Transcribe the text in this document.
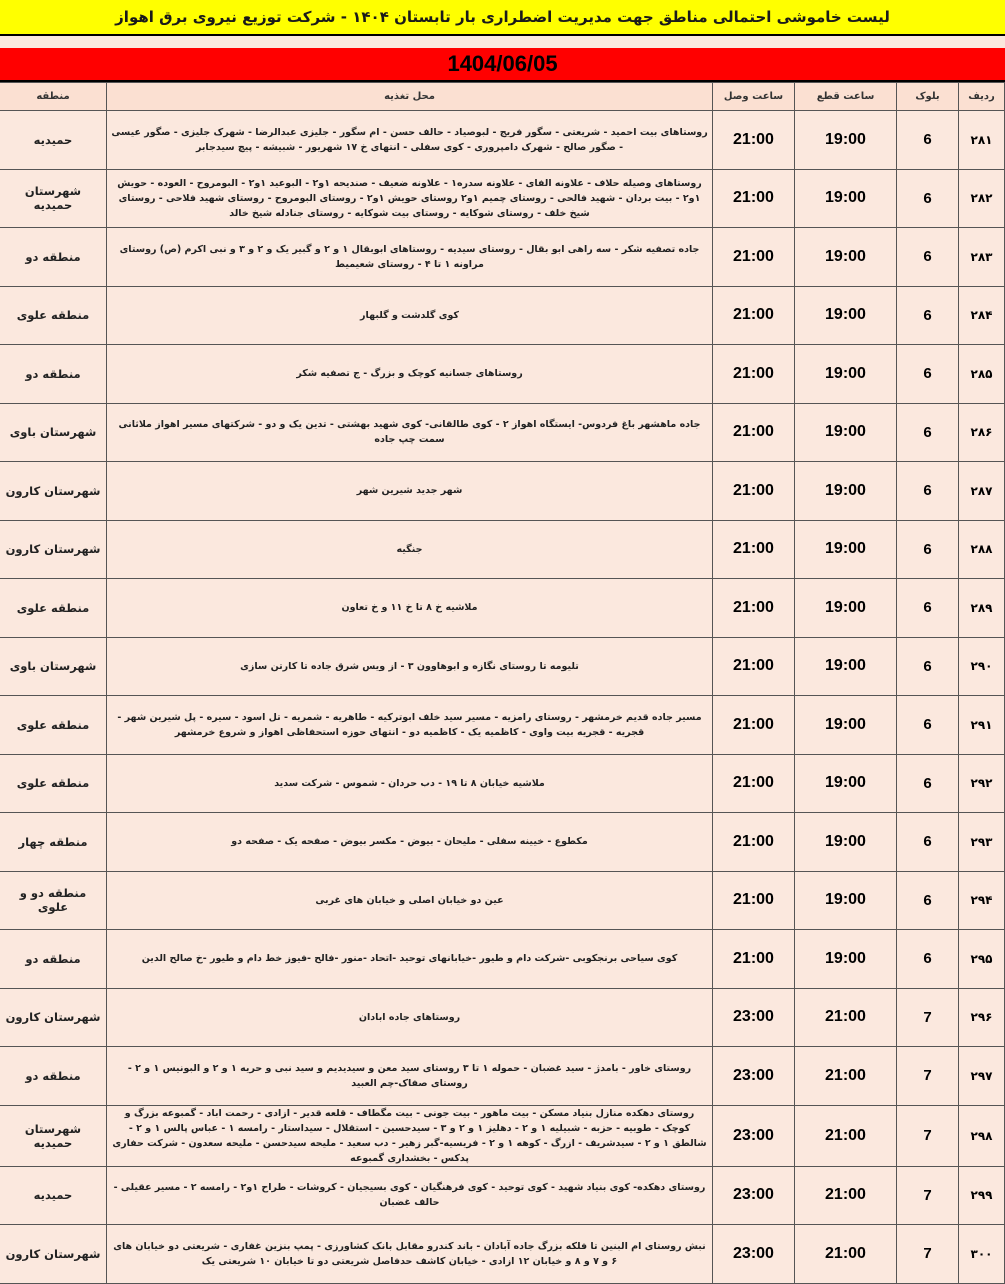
لیست خاموشی احتمالی مناطق جهت مدیریت اضطراری بار تابستان ۱۴۰۴ - شرکت توزیع نیروی برق اهواز
1404/06/05
ردیف	بلوک	ساعت قطع	ساعت وصل	محل تغذیه	منطقه
۲۸۱	6	19:00	21:00	روستاهای بیت احمید - شریعتی - سگور فریج - لبوصیاد - حالف حسن - ام سگور - جلیزی عبدالرضا - شهرک جلیزی - صگور عیسی - صگور صالح - شهرک دامپروری - کوی سفلی - انتهای خ ۱۷ شهریور - شبیشه - پیچ سیدجابر	حمیدیه
۲۸۲	6	19:00	21:00	روستاهای وصیله حلاف - علاونه الفای - علاونه سدره۱ - علاونه ضعیف - صندیحه ۱و۲ - البوعید ۱و۲ - البومروح - العوده - حویش ۱و۲ - بیت بردان - شهید فالحی - روستای چمیم ۱و۲ روستای حویش ۱و۲ - روستای البومروح - روستای شهید فلاحی - روستای شیخ خلف - روستای شوکایه - روستای بیت شوکایه - روستای جنادله شیخ خالد	شهرستان حمیدیه
۲۸۳	6	19:00	21:00	جاده تصفیه شکر - سه راهی ابو بقال - روستای سیدیه - روستاهای ابوبقال ۱ و ۲ و گبیر یک و ۲ و ۳ و نبی اکرم (ص) روستای مراونه ۱ تا ۴ - روستای شعیمیط	منطقه دو
۲۸۴	6	19:00	21:00	کوی گلدشت و گلبهار	منطقه علوی
۲۸۵	6	19:00	21:00	روستاهای جسانیه کوچک و بزرگ - ج تصفیه شکر	منطقه دو
۲۸۶	6	19:00	21:00	جاده ماهشهر باغ فردوس- ایستگاه اهواز ۲ - کوی طالقانی- کوی شهید بهشتی - تدین یک و دو - شرکتهای مسیر اهواز ملاثانی سمت چپ جاده	شهرستان باوی
۲۸۷	6	19:00	21:00	شهر جدید شیرین شهر	شهرستان کارون
۲۸۸	6	19:00	21:00	جنگیه	شهرستان کارون
۲۸۹	6	19:00	21:00	ملاشیه خ ۸ تا خ ۱۱ و خ تعاون	منطقه علوی
۲۹۰	6	19:00	21:00	تلیومه تا روستای نگازه و ابوهاوون ۳ - از ویس شرق جاده تا کارتن سازی	شهرستان باوی
۲۹۱	6	19:00	21:00	مسیر جاده قدیم خرمشهر - روستای رامزیه - مسیر سید خلف ابوترکیه - طاهریه - شمریه - تل اسود - سیره - پل شیرین شهر - قجریه - قجریه بیت واوی - کاظمیه یک - کاظمیه دو - انتهای حوزه استحفاظی اهواز و شروع خرمشهر	منطقه علوی
۲۹۲	6	19:00	21:00	ملاشیه خیابان ۸ تا ۱۹ - دب حردان - شموس - شرکت سدید	منطقه علوی
۲۹۳	6	19:00	21:00	مکطوع - خیینه سفلی - ملیحان - بیوض - مکسر بیوض - صفحه یک - صفحه دو	منطقه چهار
۲۹۴	6	19:00	21:00	عین دو خیابان اصلی و خیابان های غربی	منطقه دو و علوی
۲۹۵	6	19:00	21:00	کوی سیاحی برنجکوبی -شرکت دام و طیور -خیابانهای توحید -اتحاد -منور -فالح -فیوز خط دام و طیور -خ صالح الدین	منطقه دو
۲۹۶	7	21:00	23:00	روستاهای جاده ابادان	شهرستان کارون
۲۹۷	7	21:00	23:00	روستای خاور - بامدژ - سید غضبان - حموله ۱ تا ۳ روستای سید معن و سیدیدیم و سید نبی و حریه ۱ و ۲ و البونیس ۱ و ۲ - روستای صفاک-چم العبید	منطقه دو
۲۹۸	7	21:00	23:00	روستای دهکده منازل بنیاد مسکن - بیت ماهور - بیت جونی - بیت مگطاف - قلعه قدیر - ازادی - رحمت اباد - گمبوعه بزرگ و کوچک - طوبیه - حزبه - شبیلیه ۱ و ۲ - دهلیز ۱ و ۲ و ۳ - سیدحسین - استقلال - سیداستار - رامسه ۱ - عباس پالس ۱ و ۲ - شالطق ۱ و ۲ - سیدشریف - ازرگ - کوهه ۱ و ۲ - فریسیه-گبر زهیر - دب سعید - ملیحه سیدحسن - ملیحه سعدون - شرکت حفاری پدکس - بخشداری گمبوعه	شهرستان حمیدیه
۲۹۹	7	21:00	23:00	روستای دهکده- کوی بنیاد شهید - کوی توحید - کوی فرهنگیان - کوی بسیجیان - کروشات - طراح ۱و۲ - رامسه ۲ - مسیر عقیلی - حالف غضبان	حمیدیه
۳۰۰	7	21:00	23:00	نبش روستای ام البنین تا فلکه بزرگ جاده آبادان - باند کندرو مقابل بانک کشاورزی - پمپ بنزین غفاری - شریعتی دو خیابان های ۶ و ۷ و ۸ و خیابان ۱۲ ازادی - خیابان کاشف حدفاصل شریعتی دو تا خیابان ۱۰ شریعتی یک	شهرستان کارون
